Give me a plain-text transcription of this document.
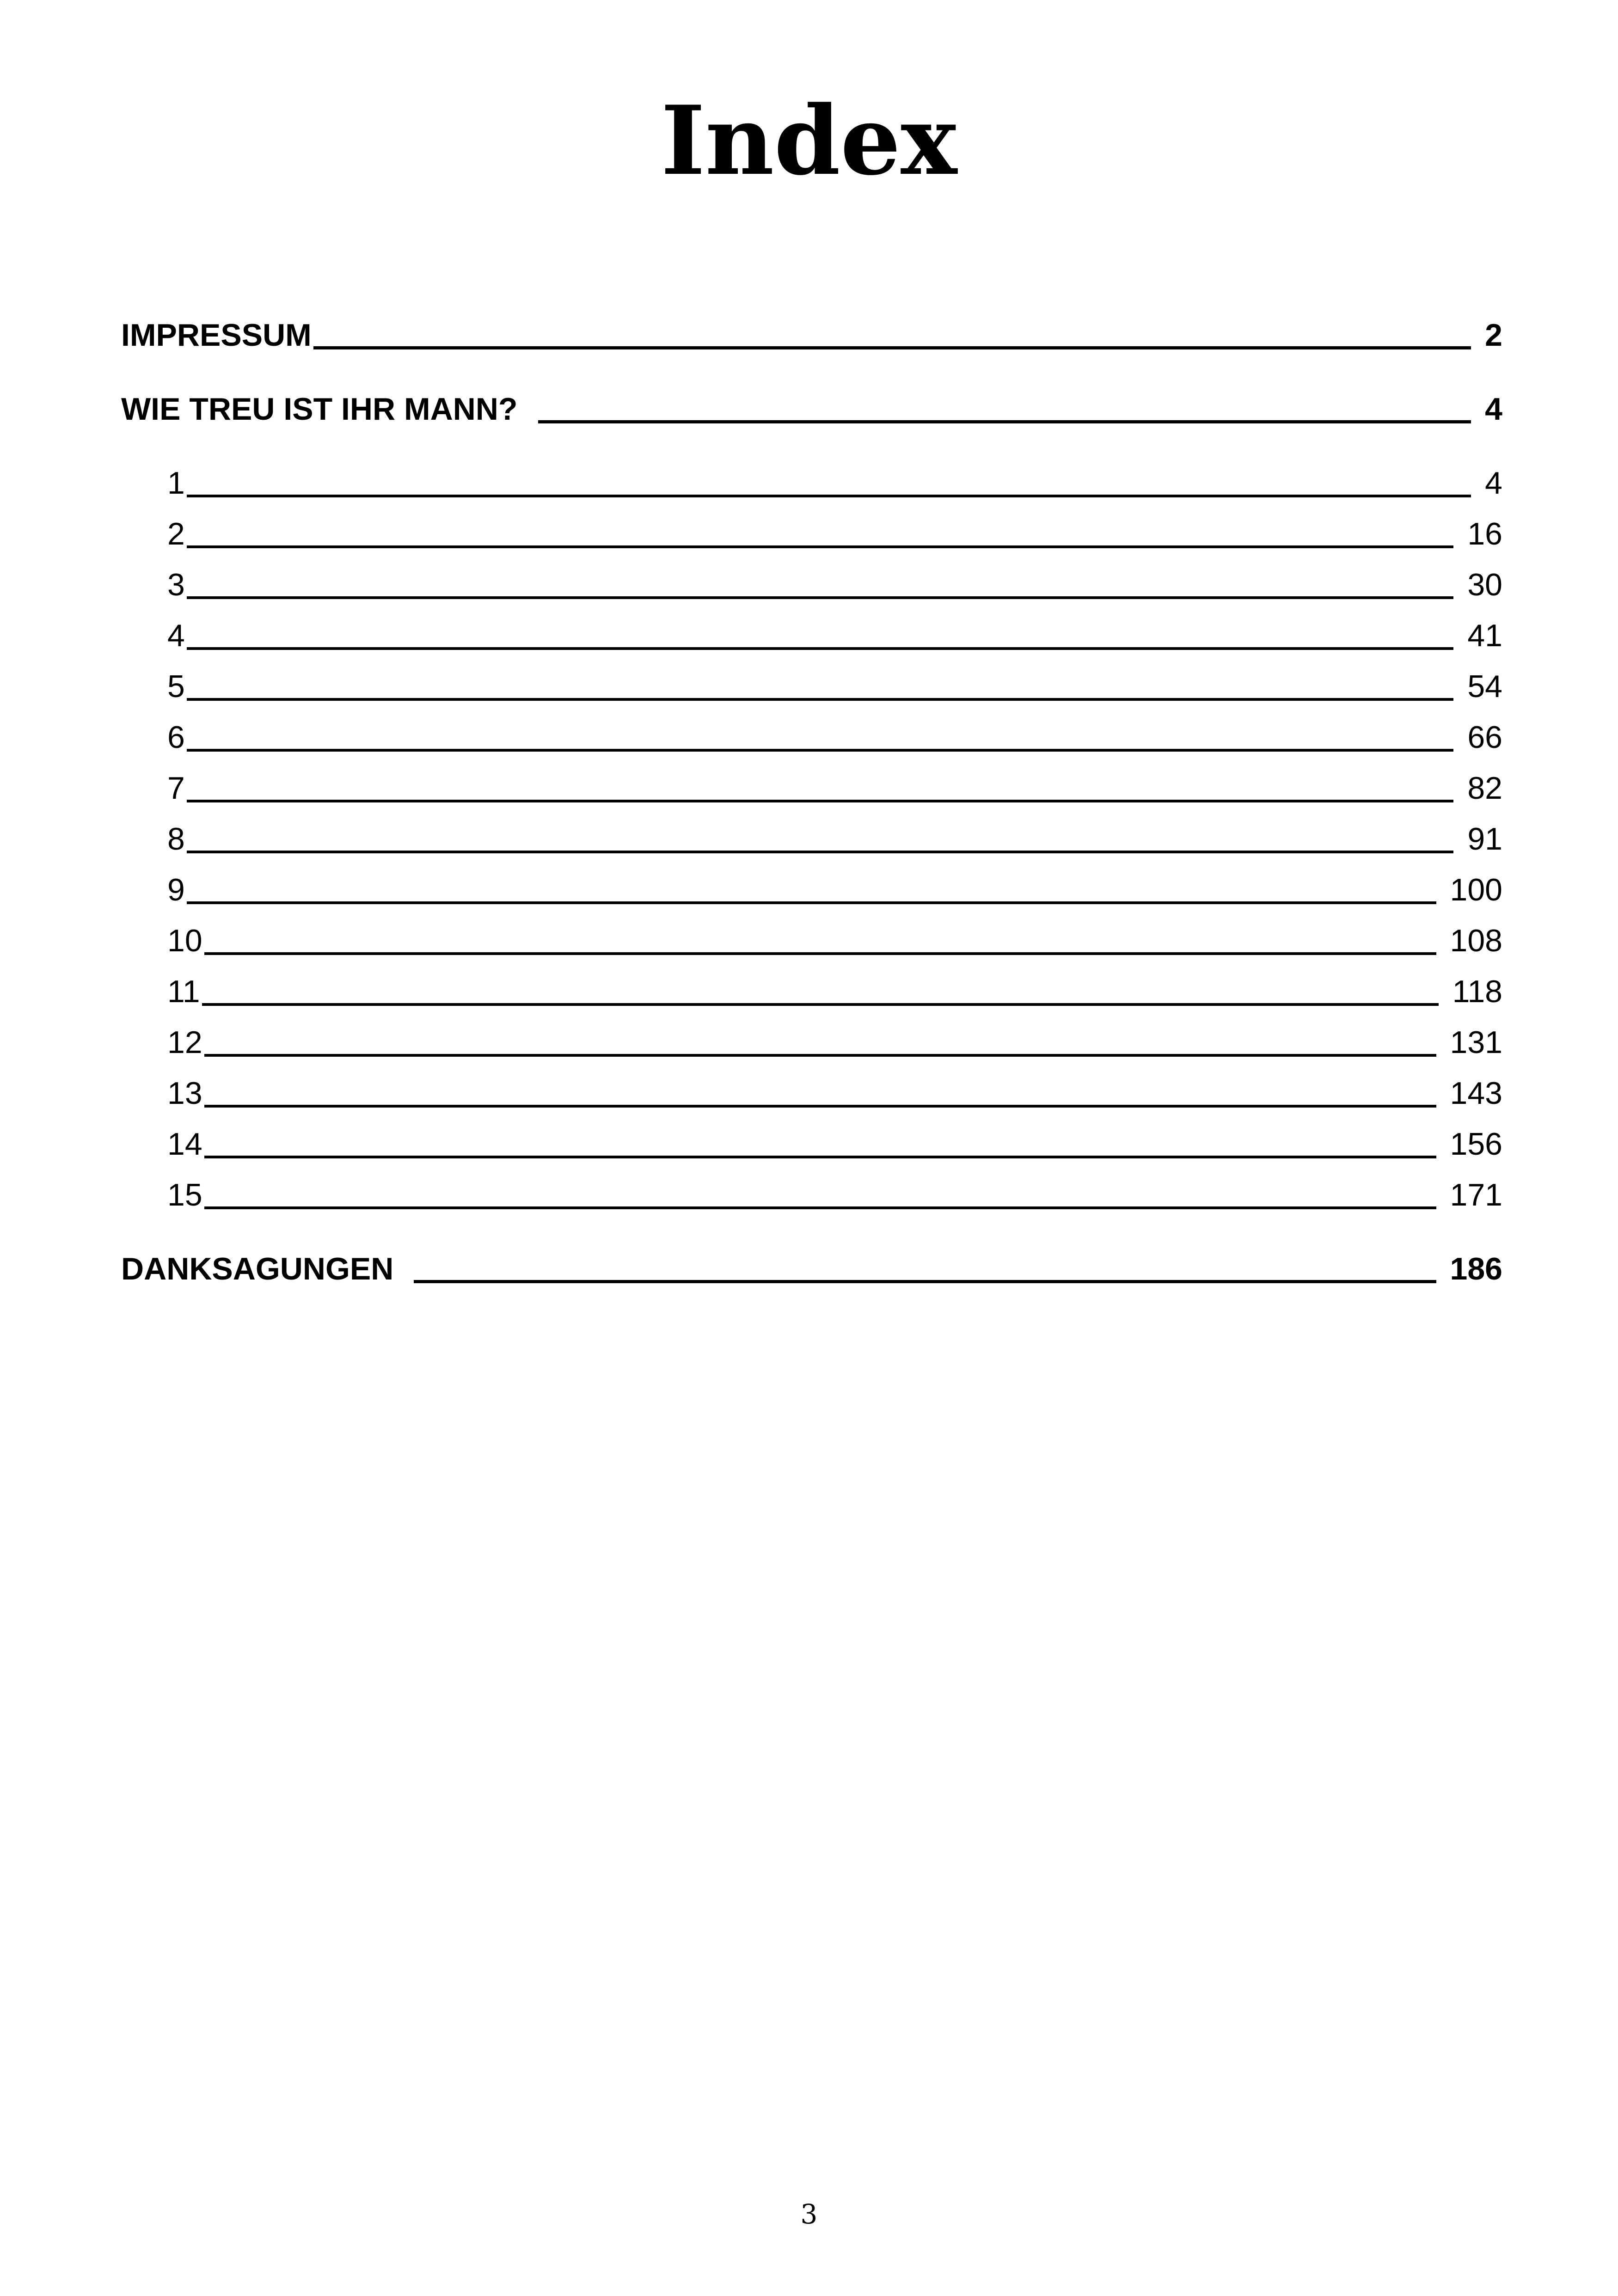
Index
IMPRESSUM	2
WIE TREU IST IHR MANN?	4
1	4
2	16
3	30
4	41
5	54
6	66
7	82
8	91
9	100
10	108
11	118
12	131
13	143
14	156
15	171
DANKSAGUNGEN	186
3
